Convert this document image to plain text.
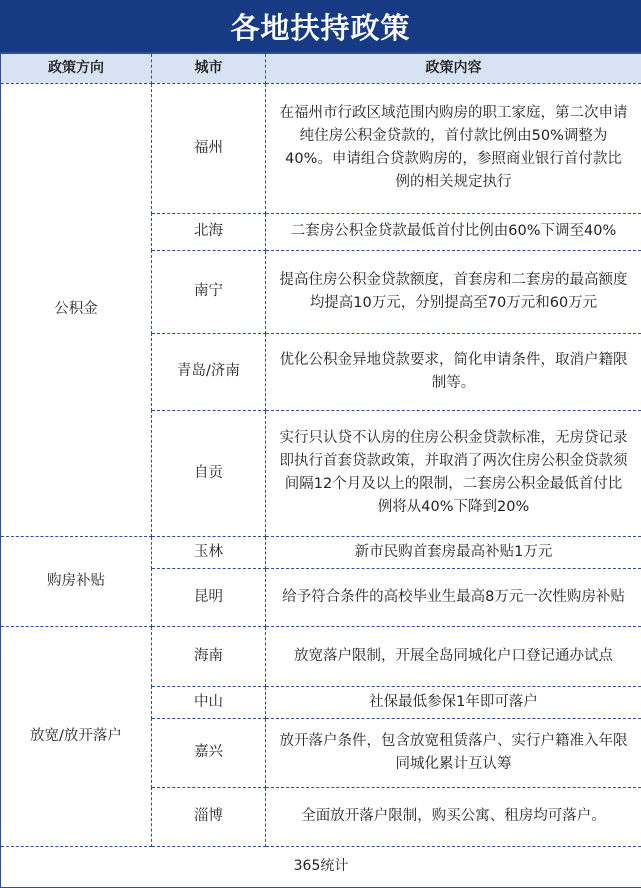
各地扶持政策
政策方向	城市	政策内容
公积金	福州	在福州市行政区域范围内购房的职工家庭，第二次申请纯住房公积金贷款的，首付款比例由50%调整为40%。申请组合贷款购房的，参照商业银行首付款比例的相关规定执行
	北海	二套房公积金贷款最低首付比例由60%下调至40%
	南宁	提高住房公积金贷款额度，首套房和二套房的最高额度均提高10万元，分别提高至70万元和60万元
	青岛/济南	优化公积金异地贷款要求，简化申请条件，取消户籍限制等。
	自贡	实行只认贷不认房的住房公积金贷款标准，无房贷记录即执行首套贷款政策，并取消了两次住房公积金贷款须间隔12个月及以上的限制，二套房公积金最低首付比例将从40%下降到20%
购房补贴	玉林	新市民购首套房最高补贴1万元
	昆明	给予符合条件的高校毕业生最高8万元一次性购房补贴
放宽/放开落户	海南	放宽落户限制，开展全岛同城化户口登记通办试点
	中山	社保最低参保1年即可落户
	嘉兴	放开落户条件，包含放宽租赁落户、实行户籍准入年限同城化累计互认筹
	淄博	全面放开落户限制，购买公寓、租房均可落户。
365统计		
